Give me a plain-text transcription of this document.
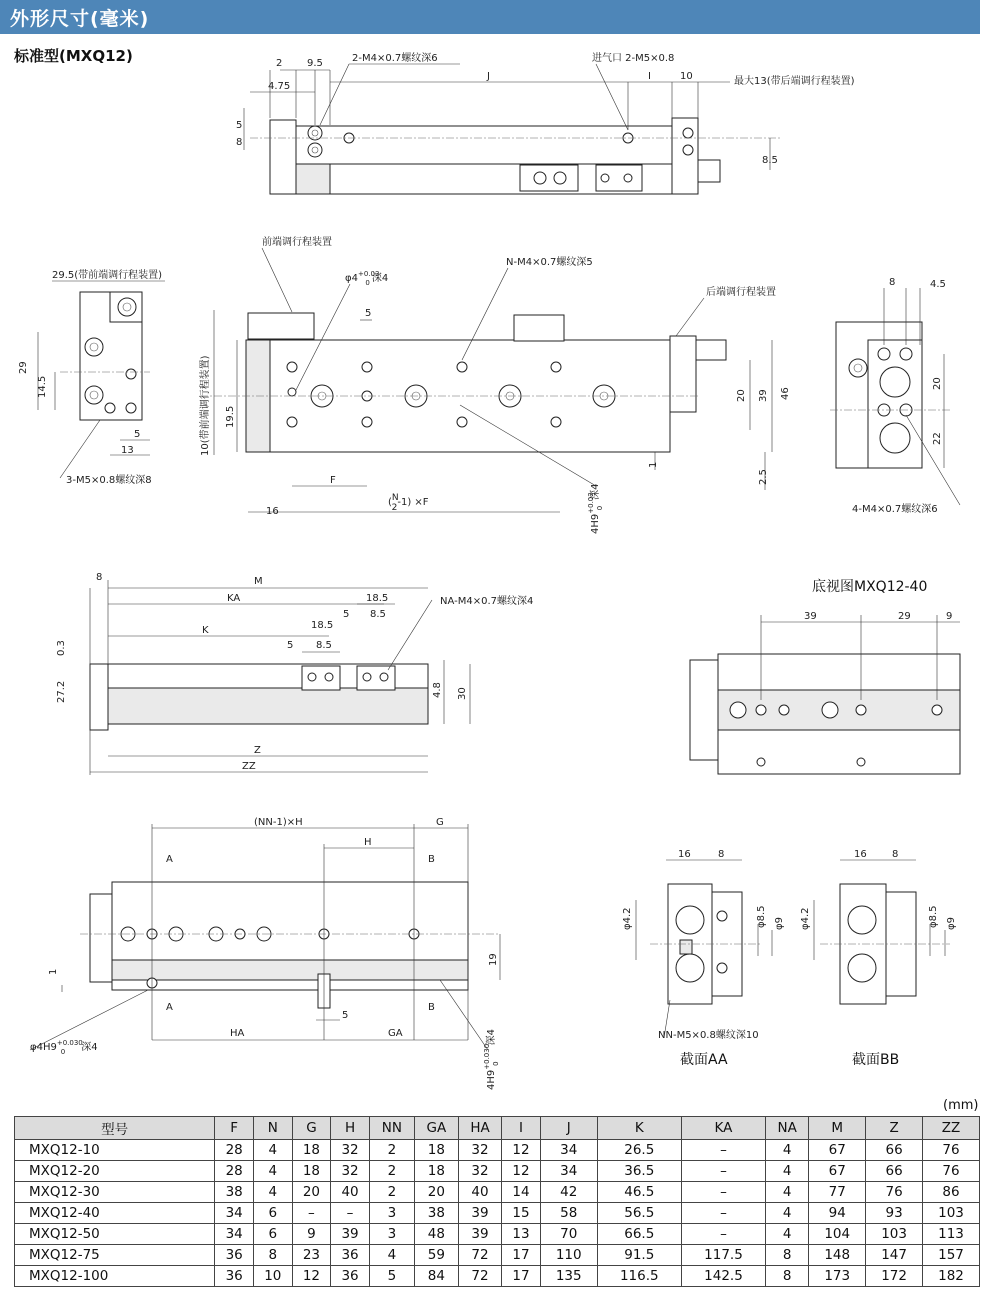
外形尺寸(毫米)
标准型(MXQ12)	2 9.5
4.75
8
5
J	I	10
8.5
2-M4×0.7螺纹深6	进气口 2-M5×0.8
最大13(带后端调行程装置)
29.5(带前端调行程装置)
29
14.5
5
13
3-M5×0.8螺纹深8
前端调行程装置
$\varphi 4^{+0.03}$ 0 深4
N-M4×0.7螺纹深5
后端调行程装置
10(带前端调行程装置) 19.5
16
F
(N 2-1) ×F
5
20 39 46
1
2.5
$4H9^{+0.03}0$深4
8	4.5
20
22
4-M4×0.7螺纹深6
8	M
KA
K
18.5
5 8.5
18.5
5 8.5
0.3
27.2	4.8 30
Z
ZZ
NA-M4×0.7螺纹深4
底视图MXQ12-40
39	29	9
(NN-1)×H	G
H
A	B
A	B
HA	GA
5
19
1
$\varphi 4H9^{+0.030}$ 0 深4
$4H9^{+0.030}0$深4
16	8
φ4.2	φ8.5 φ9
NN-M5×0.8螺纹深10
截面AA
16	8
φ4.2	φ8.5 φ9
截面BB
(mm)
型号	F	N	G	H	NN	GA	HA	I	J	K	KA	NA	M	Z	ZZ
MXQ12-10	28	4	18	32	2	18	32	12	34	26.5	–	4	67	66	76
MXQ12-20	28	4	18	32	2	18	32	12	34	36.5	–	4	67	66	76
MXQ12-30	38	4	20	40	2	20	40	14	42	46.5	–	4	77	76	86
MXQ12-40	34	6	–	–	3	38	39	15	58	56.5	–	4	94	93	103
MXQ12-50	34	6	9	39	3	48	39	13	70	66.5	–	4	104	103	113
MXQ12-75	36	8	23	36	4	59	72	17	110	91.5	117.5	8	148	147	157
MXQ12-100	36	10	12	36	5	84	72	17	135	116.5	142.5	8	173	172	182
